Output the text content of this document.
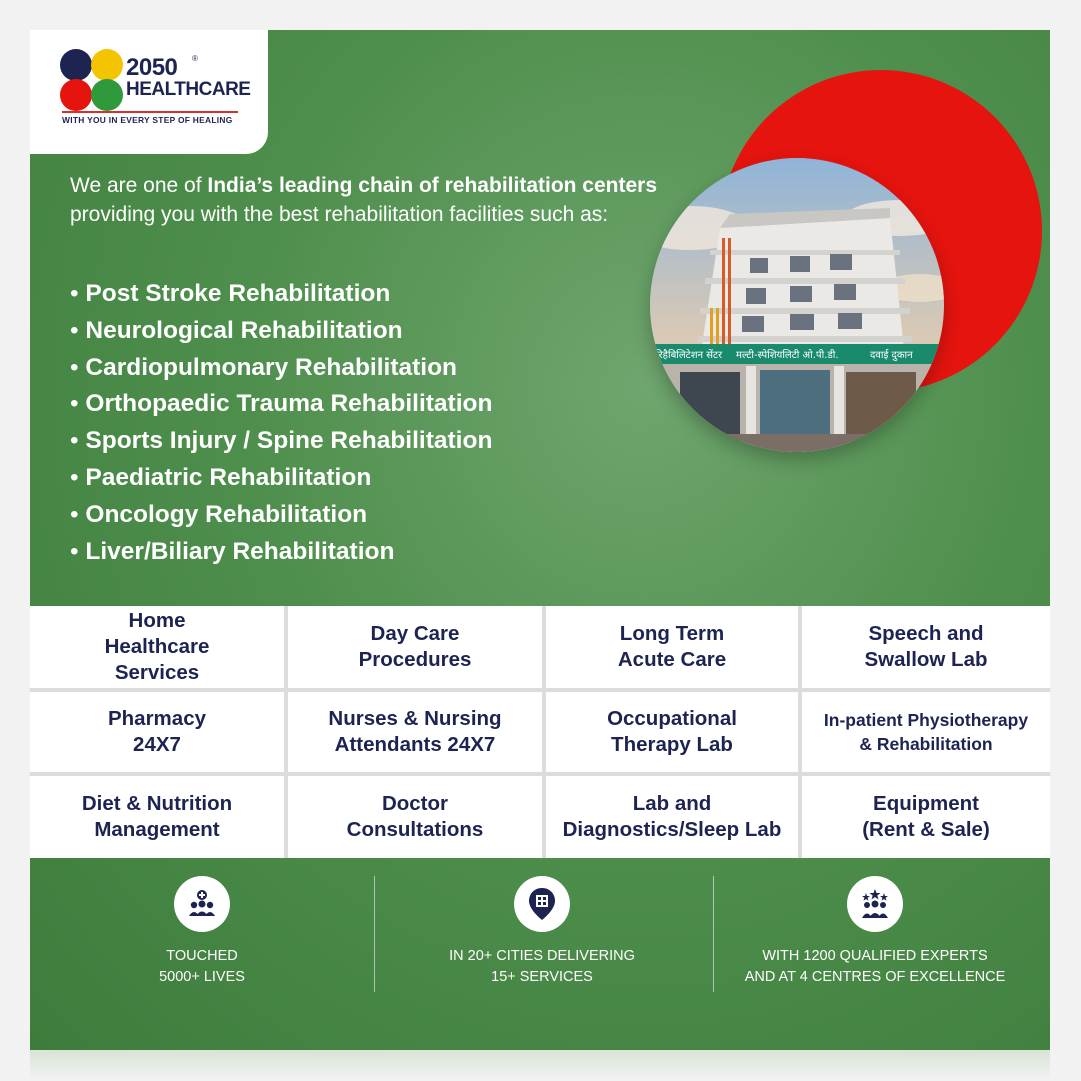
2050 ®
HEALTHCARE
WITH YOU IN EVERY STEP OF HEALING
रिहैबिलिटेशन सेंटर मल्टी-स्पेशियलिटी ओ.पी.डी.	दवाई दुकान
We are one of India’s leading chain of rehabilitation centers providing you with the best rehabilitation facilities such as:
• Post Stroke Rehabilitation
• Neurological Rehabilitation
• Cardiopulmonary Rehabilitation
• Orthopaedic Trauma Rehabilitation
• Sports Injury / Spine Rehabilitation
• Paediatric Rehabilitation
• Oncology Rehabilitation
• Liver/Biliary Rehabilitation
Home
Healthcare
Services
Day Care
Procedures
Long Term
Acute Care
Speech and
Swallow Lab
Pharmacy
24X7
Nurses & Nursing
Attendants 24X7
Occupational
Therapy Lab
In-patient Physiotherapy
& Rehabilitation
Diet & Nutrition
Management
Doctor
Consultations
Lab and
Diagnostics/Sleep Lab
Equipment
(Rent & Sale)
TOUCHED
5000+ LIVES
IN 20+ CITIES DELIVERING
15+ SERVICES
WITH 1200 QUALIFIED EXPERTS
AND AT 4 CENTRES OF EXCELLENCE
